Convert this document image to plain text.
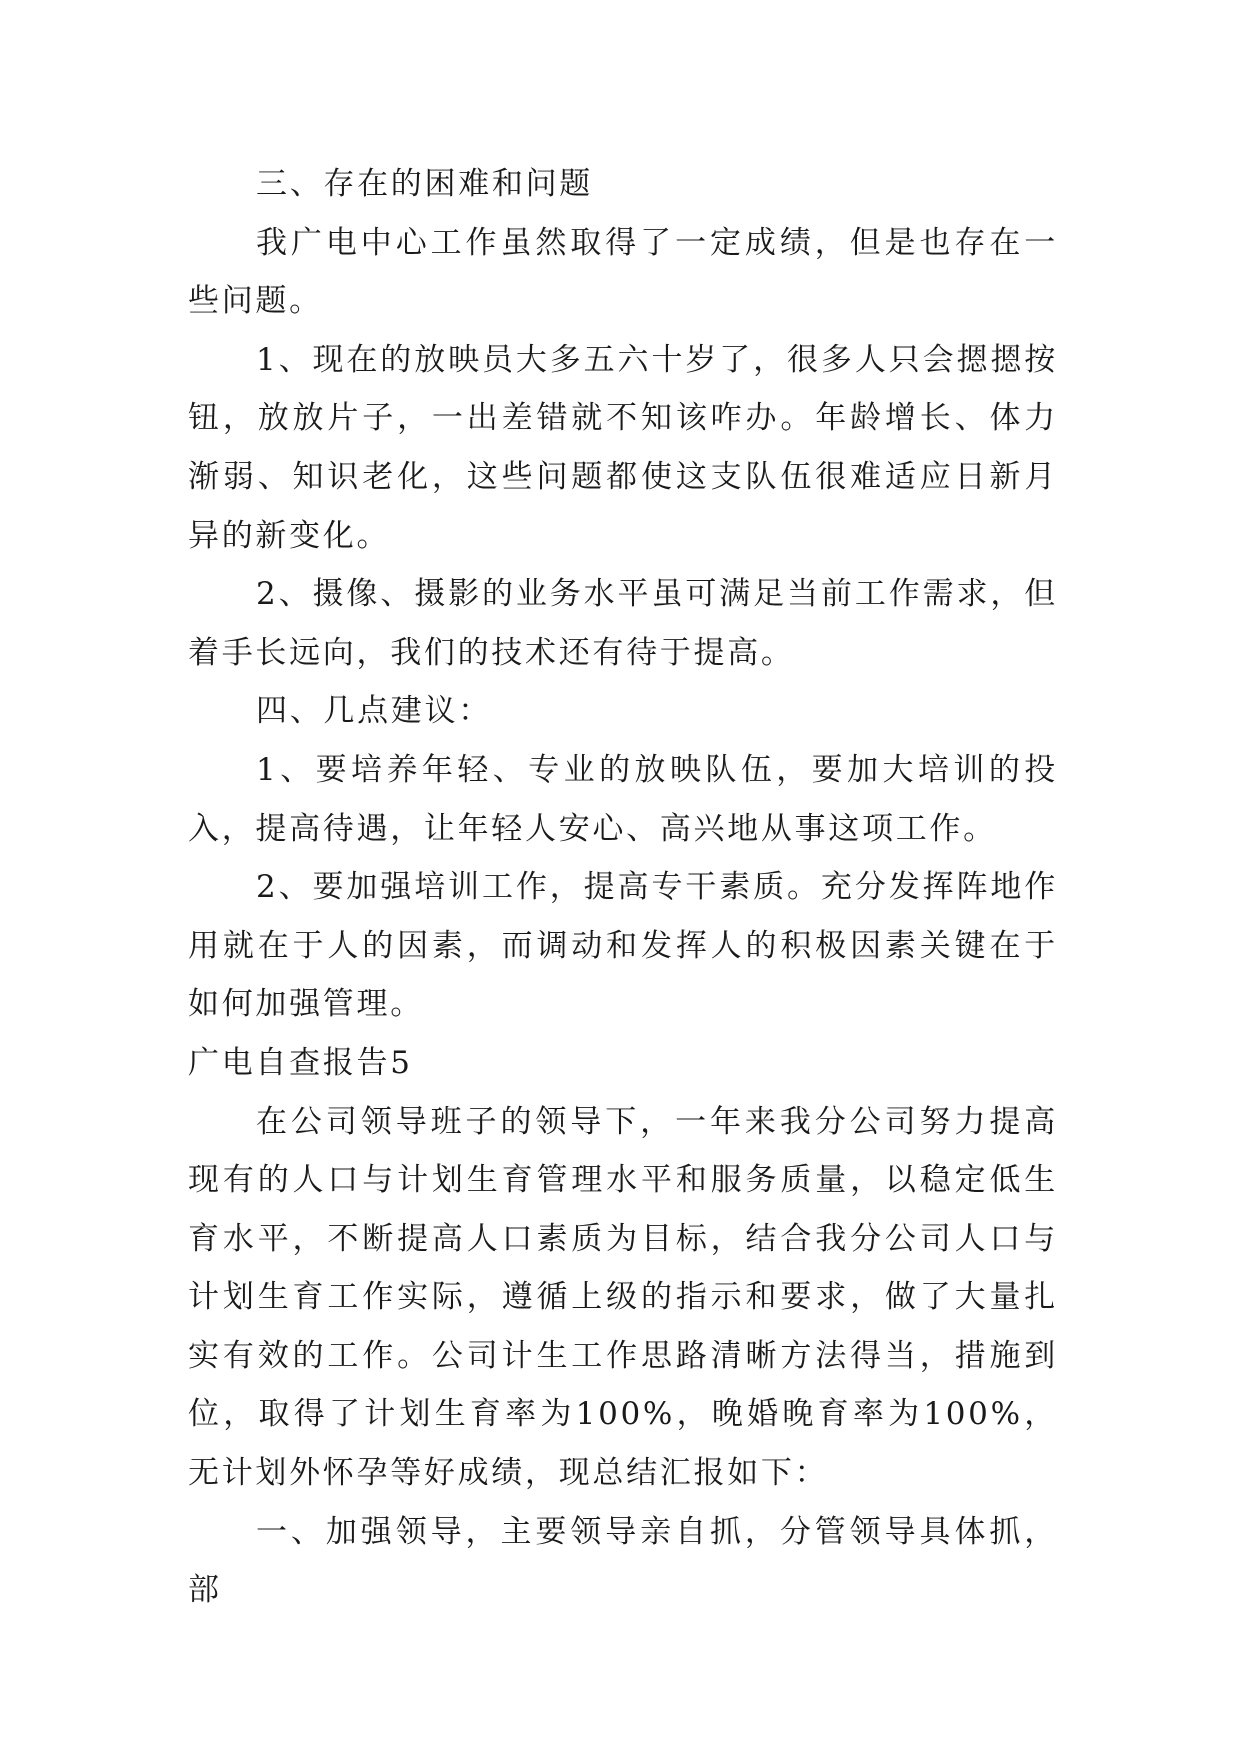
三、存在的困难和问题

我广电中心工作虽然取得了一定成绩，但是也存在一些问题。

1、现在的放映员大多五六十岁了，很多人只会摁摁按钮，放放片子，一出差错就不知该咋办。年龄增长、体力渐弱、知识老化，这些问题都使这支队伍很难适应日新月异的新变化。

2、摄像、摄影的业务水平虽可满足当前工作需求，但着手长远向，我们的技术还有待于提高。

四、几点建议：

1、要培养年轻、专业的放映队伍，要加大培训的投入，提高待遇，让年轻人安心、高兴地从事这项工作。

2、要加强培训工作，提高专干素质。充分发挥阵地作用就在于人的因素，而调动和发挥人的积极因素关键在于如何加强管理。

广电自查报告5

在公司领导班子的领导下，一年来我分公司努力提高现有的人口与计划生育管理水平和服务质量，以稳定低生育水平，不断提高人口素质为目标，结合我分公司人口与计划生育工作实际，遵循上级的指示和要求，做了大量扎实有效的工作。公司计生工作思路清晰方法得当，措施到位，取得了计划生育率为100%，晚婚晚育率为100%，无计划外怀孕等好成绩，现总结汇报如下：

一、加强领导，主要领导亲自抓，分管领导具体抓，部
